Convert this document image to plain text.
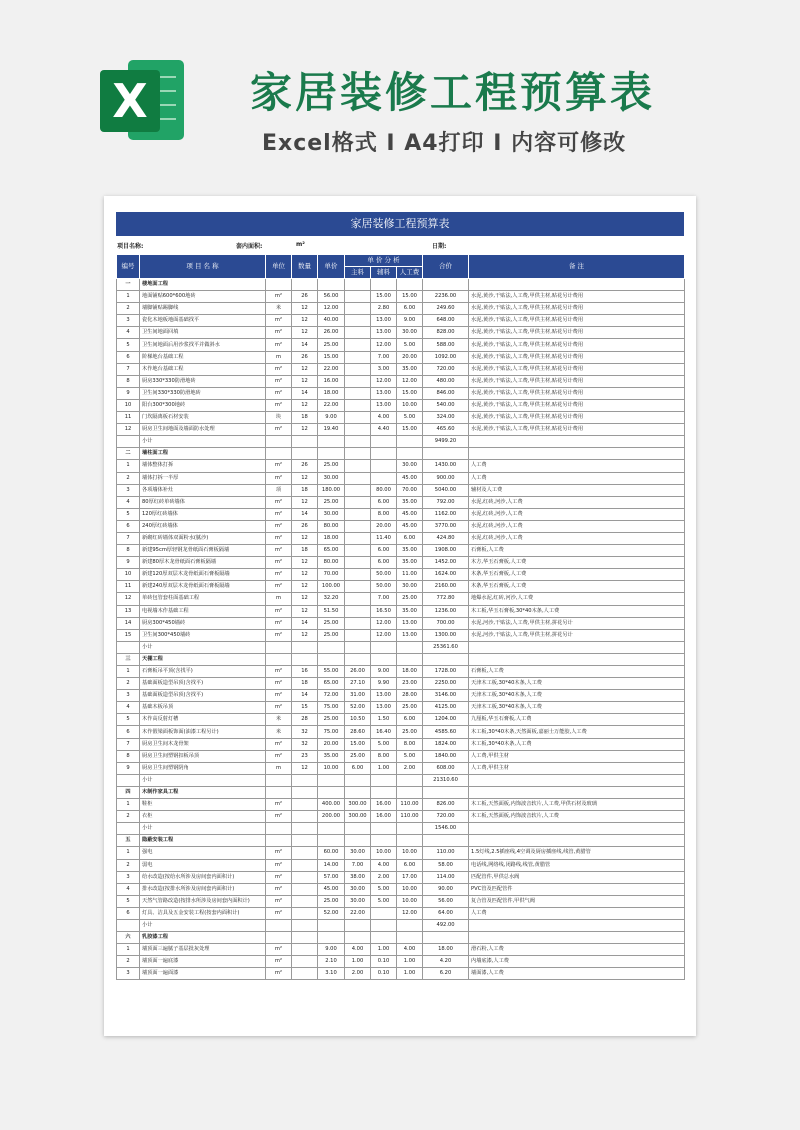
X 家居装修工程预算表
Excel格式 I A4打印 I 内容可修改
家居装修工程预算表
项目名称:	套内面积:	m²	日期:
编号	项 目 名 称	单位	数量	单价	单 价 分 析			合价	备 注
					主料	辅料	人工费		
一	楼地面工程								
1	地面铺贴600*600地砖	m²	26	56.00		15.00	15.00	2236.00	水泥,黄沙,干贴法,人工费,甲供主材,贴花另计费用
2	墙脚铺贴踢脚线	米	12	12.00		2.80	6.00	249.60	水泥,黄沙,干贴法,人工费,甲供主材,贴花另计费用
3	瓷化木地板地面基础找平	m²	12	40.00		13.00	9.00	648.00	水泥,黄沙,干贴法,人工费,甲供主材,贴花另计费用
4	卫生间地面回填	m²	12	26.00		13.00	30.00	828.00	水泥,黄沙,干贴法,人工费,甲供主材,贴花另计费用
5	卫生间地面后用沙浆找平并做斜水	m²	14	25.00		12.00	5.00	588.00	水泥,黄沙,干贴法,人工费,甲供主材,贴花另计费用
6	阶梯地台基础工程	m	26	15.00		7.00	20.00	1092.00	水泥,黄沙,干贴法,人工费,甲供主材,贴花另计费用
7	木作地台基础工程	m²	12	22.00		3.00	35.00	720.00	水泥,黄沙,干贴法,人工费,甲供主材,贴花另计费用
8	厨房330*330防滑地砖	m²	12	16.00		12.00	12.00	480.00	水泥,黄沙,干贴法,人工费,甲供主材,贴花另计费用
9	卫生间330*330防滑地砖	m²	14	18.00		13.00	15.00	846.00	水泥,黄沙,干贴法,人工费,甲供主材,贴花另计费用
10	阳台300*300地砖	m²	12	22.00		13.00	10.00	540.00	水泥,黄沙,干贴法,人工费,甲供主材,贴花另计费用
11	门坎隔离板石材安装	块	18	9.00		4.00	5.00	324.00	水泥,黄沙,干贴法,人工费,甲供主材,贴花另计费用
12	厨房卫生间地面及墙面防水处理	m²	12	19.40		4.40	15.00	465.60	水泥,黄沙,干贴法,人工费,甲供主材,贴花另计费用
	小计							9499.20	
二	墙柱面工程								
1	墙体整体打拆	m²	26	25.00			30.00	1430.00	人工费
2	墙体打拆一半厚	m²	12	30.00			45.00	900.00	人工费
3	各项墙体补灶	项	18	180.00		80.00	70.00	5040.00	辅材及人工费
4	80厚红砖单砖墙体	m²	12	25.00		6.00	35.00	792.00	水泥,红砖,河沙,人工费
5	120厚红砖墙体	m²	14	30.00		8.00	45.00	1162.00	水泥,红砖,河沙,人工费
6	240厚红砖墙体	m²	26	80.00		20.00	45.00	3770.00	水泥,红砖,河沙,人工费
7	新砌红砖墙体双面粉水(腻沙)	m²	12	18.00		11.40	6.00	424.80	水泥,红砖,河沙,人工费
8	新建95cm厚轻钢龙骨纸面石膏板隔墙	m²	18	65.00		6.00	35.00	1908.00	石膏板,人工费
9	新建80厚木龙骨纸面石膏板隔墙	m²	12	80.00		6.00	35.00	1452.00	木方,华玉石膏板,人工费
10	新建120厚双层木龙骨纸面石膏板隔墙	m²	12	70.00		50.00	11.00	1624.00	木条,华玉石膏板,人工费
11	新建240厚双层木龙骨纸面石膏板隔墙	m²	12	100.00		50.00	30.00	2160.00	木条,华玉石膏板,人工费
12	单砖包管套柱面基础工程	m	12	32.20		7.00	25.00	772.80	地爆水泥,红砖,河沙,人工费
13	电视墙木作基础工程	m²	12	51.50		16.50	35.00	1236.00	木工板,华玉石膏板,30*40木条,人工费
14	厨房300*450墙砖	m²	14	25.00		12.00	13.00	700.00	水泥,河沙,干贴法,人工费,甲供主材,拼花另计
15	卫生间300*450墙砖	m²	12	25.00		12.00	13.00	1300.00	水泥,河沙,干贴法,人工费,甲供主材,拼花另计
	小计							25361.60	
三	天棚工程								
1	石膏板吊平顶(含找平)	m²	16	55.00	26.00	9.00	18.00	1728.00	石膏板,人工费
2	基础面板造型吊顶(含找平)	m²	18	65.00	27.10	9.90	23.00	2250.00	天津木工板,30*40木条,人工费
3	基础面板造型吊顶(含找平)	m²	14	72.00	31.00	13.00	28.00	3146.00	天津木工板,30*40木条,人工费
4	基础木板吊顶	m²	15	75.00	52.00	13.00	25.00	4125.00	天津木工板,30*40木条,人工费
5	木作高反射灯槽	米	28	25.00	10.50	1.50	6.00	1204.00	九厘板,华玉石膏板,人工费
6	木作假梁面板饰面(油漆工程另计)	米	32	75.00	28.60	16.40	25.00	4585.60	木工板,30*40木条,天然面板,嘉丽士万能胶,人工费
7	厨房卫生间木龙骨架	m²	32	20.00	15.00	5.00	8.00	1824.00	木工板,30*40木条,人工费
8	厨房卫生间塑钢扣板吊顶	m²	23	35.00	25.00	8.00	5.00	1840.00	人工费,甲供主材
9	厨房卫生间塑钢阴角	m	12	10.00	6.00	1.00	2.00	608.00	人工费,甲供主材
	小计							21310.60	
四	木制作家具工程								
1	鞋柜	m²		400.00	300.00	16.00	110.00	826.00	木工板,天然面板,内饰波音软片,人工费,甲供石材及玻璃
2	衣柜	m²		200.00	300.00	16.00	110.00	720.00	木工板,天然面板,内饰波音软片,人工费
	小计							1546.00	
五	隐蔽安装工程								
1	强电	m²		60.00	30.00	10.00	10.00	110.00	1.5灯线,2.5插座线,4空调及厨房插座线,线管,黄腊管
2	弱电	m²		14.00	7.00	4.00	6.00	58.00	电话线,网络线,闭路线,线管,黄腊管
3	给水改造(按给水所涉及房间套内面积计)	m²		57.00	38.00	2.00	17.00	114.00	匹配管件,甲供总水阀
4	排水改造(按排水所涉及房间套内面积计)	m²		45.00	30.00	5.00	10.00	90.00	PVC管及匹配管件
5	天然气管路改造(按排水所涉及房间套内面积计)	m²		25.00	30.00	5.00	10.00	56.00	复合管及匹配管件,甲供气阀
6	灯具、洁具及五金安装工程(按套内面积计)	m²		52.00	22.00		12.00	64.00	人工费
	小计							492.00	
六	乳胶漆工程								
1	墙顶面三遍腻子基层批灰处理	m²		9.00	4.00	1.00	4.00	18.00	滑石粉,人工费
2	墙顶面一遍底漆	m²		2.10	1.00	0.10	1.00	4.20	内墙底漆,人工费
3	墙顶面一遍面漆	m²		3.10	2.00	0.10	1.00	6.20	墙面漆,人工费
